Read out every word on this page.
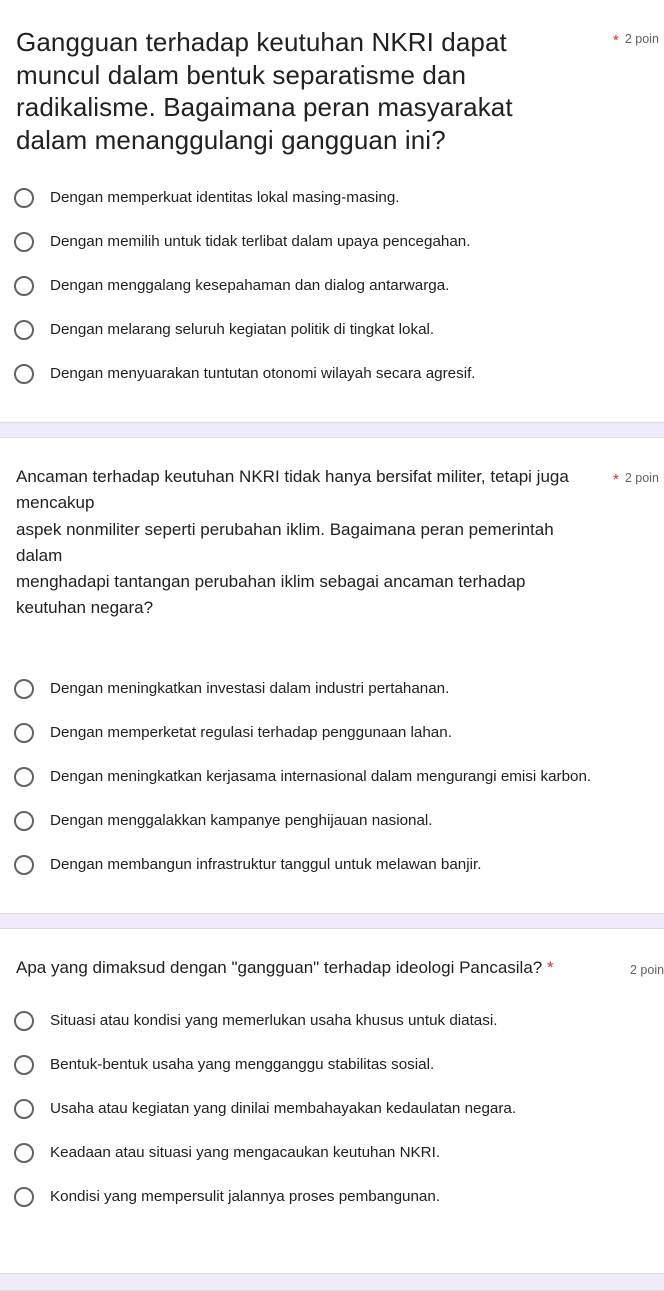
Gangguan terhadap keutuhan NKRI dapat muncul dalam bentuk separatisme dan radikalisme. Bagaimana peran masyarakat dalam menanggulangi gangguan ini?
* 2 poin
Dengan memperkuat identitas lokal masing-masing.
Dengan memilih untuk tidak terlibat dalam upaya pencegahan.
Dengan menggalang kesepahaman dan dialog antarwarga.
Dengan melarang seluruh kegiatan politik di tingkat lokal.
Dengan menyuarakan tuntutan otonomi wilayah secara agresif.
Ancaman terhadap keutuhan NKRI tidak hanya bersifat militer, tetapi juga
mencakup
aspek nonmiliter seperti perubahan iklim. Bagaimana peran pemerintah
dalam
menghadapi tantangan perubahan iklim sebagai ancaman terhadap
keutuhan negara?
* 2 poin
Dengan meningkatkan investasi dalam industri pertahanan.
Dengan memperketat regulasi terhadap penggunaan lahan.
Dengan meningkatkan kerjasama internasional dalam mengurangi emisi karbon.
Dengan menggalakkan kampanye penghijauan nasional.
Dengan membangun infrastruktur tanggul untuk melawan banjir.
Apa yang dimaksud dengan "gangguan" terhadap ideologi Pancasila? *	2 poin
Situasi atau kondisi yang memerlukan usaha khusus untuk diatasi.
Bentuk-bentuk usaha yang mengganggu stabilitas sosial.
Usaha atau kegiatan yang dinilai membahayakan kedaulatan negara.
Keadaan atau situasi yang mengacaukan keutuhan NKRI.
Kondisi yang mempersulit jalannya proses pembangunan.
